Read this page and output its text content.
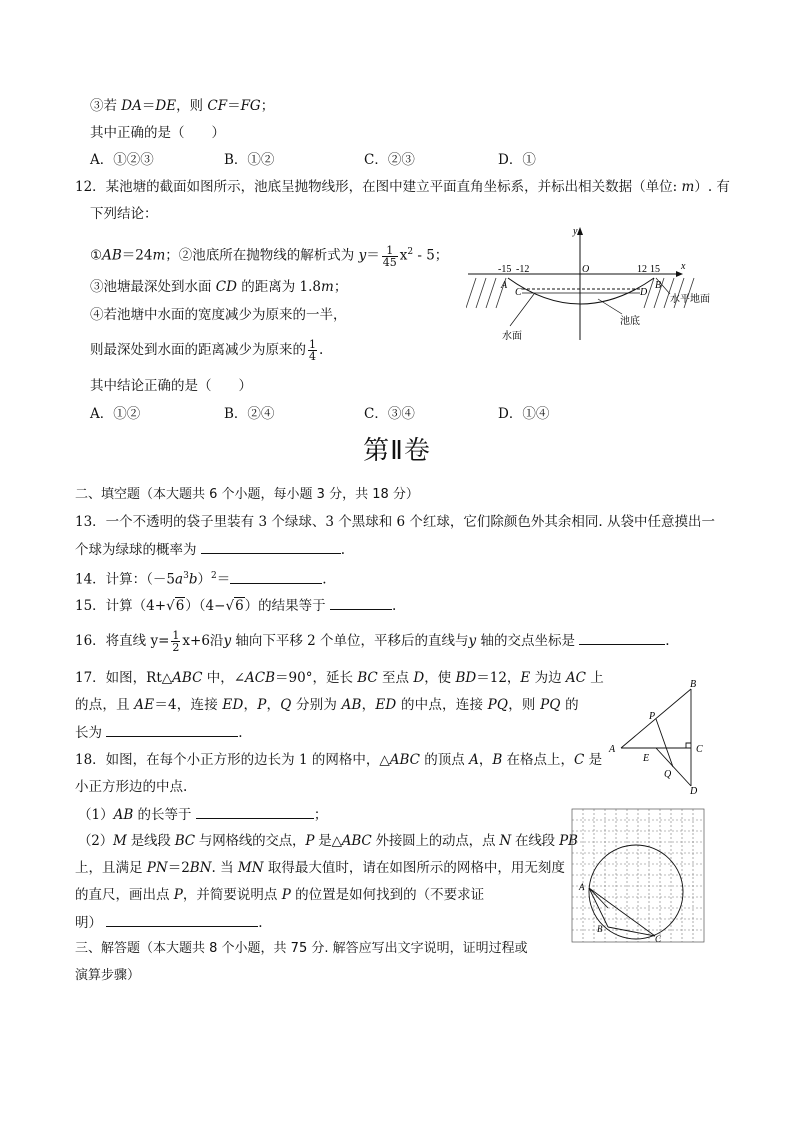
③若 DA＝DE，则 CF＝FG；
其中正确的是（　　）
A．①②③	B．①②	C．②③	D．①
12．某池塘的截面如图所示，池底呈抛物线形，在图中建立平面直角坐标系，并标出相关数据（单位: m）. 有
下列结论：
①AB＝24m；②池底所在抛物线的解析式为 $y= \frac{1}{45} x^2 - 5$；
③池塘最深处到水面 CD 的距离为 1.8m；
④若池塘中水面的宽度减少为原来的一半，
则最深处到水面的距离减少为原来的 $\frac{1}{4}$ .
其中结论正确的是（　　）
A．①②	B．②④	C．③④	D．①④
y
x
O
-15 -12	12 15
A	B
C	D
水平地面
池底
水面
第Ⅱ卷
二、填空题（本大题共 6 个小题，每小题 3 分，共 18 分）
13．一个不透明的袋子里装有 3 个绿球、3 个黑球和 6 个红球，它们除颜色外其余相同. 从袋中任意摸出一
个球为绿球的概率为	.
14．计算：$(-5a^3b)^2=$	.
15．计算（4+√6）（4−√6）的结果等于	.
16．将直线 $y= \frac{1}{2} x+6$沿y 轴向下平移 2 个单位，平移后的直线与y 轴的交点坐标是	.
17．如图，Rt△ABC 中，∠ACB＝90°，延长 BC 至点 D，使 BD＝12，E 为边 AC 上
的点，且 AE＝4，连接 ED，P，Q 分别为 AB，ED 的中点，连接 PQ，则 PQ 的
长为	.
A
B
C
D
E
P
Q
18．如图，在每个小正方形的边长为 1 的网格中，△ABC 的顶点 A，B 在格点上，C 是
小正方形边的中点.
（1）AB 的长等于	；
（2）M 是线段 BC 与网格线的交点，P 是△ABC 外接圆上的动点，点 N 在线段 PB
上，且满足 PN＝2BN. 当 MN 取得最大值时，请在如图所示的网格中，用无刻度
的直尺，画出点 P，并简要说明点 P 的位置是如何找到的（不要求证
明）	.
A
B
C
三、解答题（本大题共 8 个小题，共 75 分. 解答应写出文字说明，证明过程或
演算步骤）
